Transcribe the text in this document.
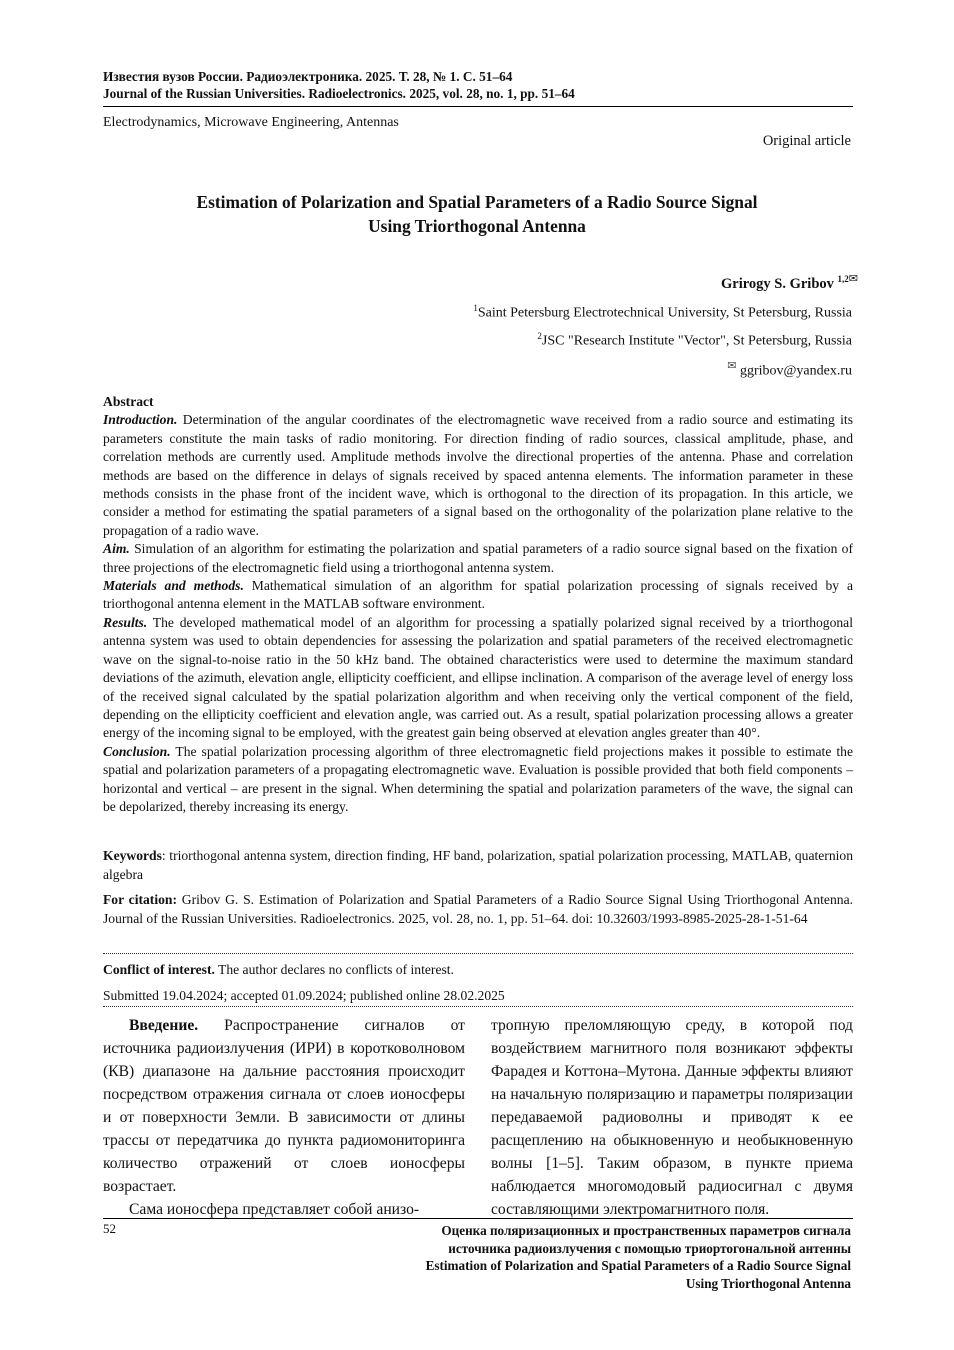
Известия вузов России. Радиоэлектроника. 2025. Т. 28, № 1. С. 51–64
Journal of the Russian Universities. Radioelectronics. 2025, vol. 28, no. 1, pp. 51–64
Electrodynamics, Microwave Engineering, Antennas
Original article
Estimation of Polarization and Spatial Parameters of a Radio Source Signal
Using Triorthogonal Antenna
Grirogy S. Gribov $^{1,2✉}$
$^1$Saint Petersburg Electrotechnical University, St Petersburg, Russia
$^2$JSC "Research Institute "Vector", St Petersburg, Russia
✉ ggribov@yandex.ru

Abstract

Introduction. Determination of the angular coordinates of the electromagnetic wave received from a radio source and estimating its parameters constitute the main tasks of radio monitoring. For direction finding of radio sources, classical amplitude, phase, and correlation methods are currently used. Amplitude methods involve the directional properties of the antenna. Phase and correlation methods are based on the difference in delays of signals received by spaced antenna elements. The information parameter in these methods consists in the phase front of the incident wave, which is orthogonal to the direction of its propagation. In this article, we consider a method for estimating the spatial parameters of a signal based on the orthogonality of the polarization plane relative to the propagation of a radio wave.

Aim. Simulation of an algorithm for estimating the polarization and spatial parameters of a radio source signal based on the fixation of three projections of the electromagnetic field using a triorthogonal antenna system.

Materials and methods. Mathematical simulation of an algorithm for spatial polarization processing of signals received by a triorthogonal antenna element in the MATLAB software environment.

Results. The developed mathematical model of an algorithm for processing a spatially polarized signal received by a triorthogonal antenna system was used to obtain dependencies for assessing the polarization and spatial parameters of the received electromagnetic wave on the signal-to-noise ratio in the 50 kHz band. The obtained characteristics were used to determine the maximum standard deviations of the azimuth, elevation angle, ellipticity coefficient, and ellipse inclination. A comparison of the average level of energy loss of the received signal calculated by the spatial polarization algorithm and when receiving only the vertical component of the field, depending on the ellipticity coefficient and elevation angle, was carried out. As a result, spatial polarization processing allows a greater energy of the incoming signal to be employed, with the greatest gain being observed at elevation angles greater than 40°.

Conclusion. The spatial polarization processing algorithm of three electromagnetic field projections makes it possible to estimate the spatial and polarization parameters of a propagating electromagnetic wave. Evaluation is possible provided that both field components – horizontal and vertical – are present in the signal. When determining the spatial and polarization parameters of the wave, the signal can be depolarized, thereby increasing its energy.

Keywords: triorthogonal antenna system, direction finding, HF band, polarization, spatial polarization processing, MATLAB, quaternion algebra
For citation: Gribov G. S. Estimation of Polarization and Spatial Parameters of a Radio Source Signal Using Triorthogonal Antenna. Journal of the Russian Universities. Radioelectronics. 2025, vol. 28, no. 1, pp. 51–64. doi: 10.32603/1993-8985-2025-28-1-51-64
Conflict of interest. The author declares no conflicts of interest.
Submitted 19.04.2024; accepted 01.09.2024; published online 28.02.2025

Введение. Распространение сигналов от источника радиоизлучения (ИРИ) в коротковолновом (КВ) диапазоне на дальние расстояния происходит посредством отражения сигнала от слоев ионосферы и от поверхности Земли. В зависимости от длины трассы от передатчика до пункта радиомониторинга количество отражений от слоев ионосферы возрастает.

Сама ионосфера представляет собой анизо-

тропную преломляющую среду, в которой под воздействием магнитного поля возникают эффекты Фарадея и Коттона–Мутона. Данные эффекты влияют на начальную поляризацию и параметры поляризации передаваемой радиоволны и приводят к ее расщеплению на обыкновенную и необыкновенную волны [1–5]. Таким образом, в пункте приема наблюдается многомодовый радиосигнал с двумя составляющими электромагнитного поля.

52	Оценка поляризационных и пространственных параметров сигнала
источника радиоизлучения с помощью триортогональной антенны
Estimation of Polarization and Spatial Parameters of a Radio Source Signal
Using Triorthogonal Antenna
